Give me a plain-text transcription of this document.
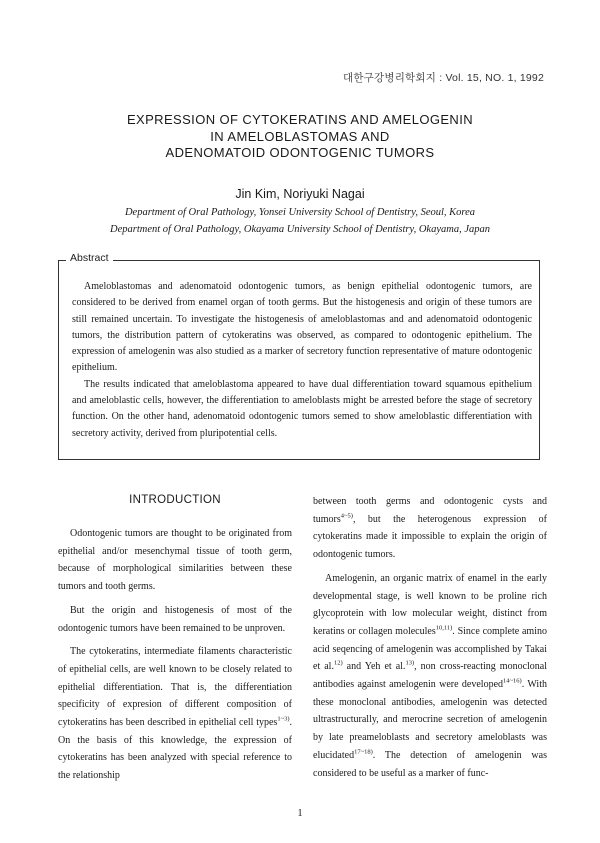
대한구강병리학회지 : Vol. 15, NO. 1, 1992
EXPRESSION OF CYTOKERATINS AND AMELOGENIN
IN AMELOBLASTOMAS AND
ADENOMATOID ODONTOGENIC TUMORS
Jin Kim, Noriyuki Nagai
Department of Oral Pathology, Yonsei University School of Dentistry, Seoul, Korea
Department of Oral Pathology, Okayama University School of Dentistry, Okayama, Japan
Abstract

Ameloblastomas and adenomatoid odontogenic tumors, as benign epithelial odontogenic tumors, are considered to be derived from enamel organ of tooth germs. But the histogenesis and origin of these tumors are still remained uncertain. To investigate the histogenesis of ameloblastomas and and adenomatoid odontogenic tumors, the distribution pattern of cytokeratins was observed, as compared to odontogenic epithelium. The expression of amelogenin was also studied as a marker of secretory function representative of mature odontogenic epithelium.

The results indicated that ameloblastoma appeared to have dual differentiation toward squamous epithelium and ameloblastic cells, however, the differentiation to ameloblasts might be arrested before the stage of secretory function. On the other hand, adenomatoid odontogenic tumors semed to show ameloblastic differentiation with secretory activity, derived from pluripotential cells.

INTRODUCTION

Odontogenic tumors are thought to be originated from epithelial and/or mesenchymal tissue of tooth germ, because of morphological similarities between these tumors and tooth germs.

But the origin and histogenesis of most of the odontogenic tumors have been remained to be unproven.

The cytokeratins, intermediate filaments characteristic of epithelial cells, are well known to be closely related to epithelial differentiation. That is, the differentiation specificity of expresion of different composition of cytokeratins has been described in epithelial cell types$^{1\sim 3)}$. On the basis of this knowledge, the expression of cytokeratins has been analyzed with special reference to the relationship

between tooth germs and odontogenic cysts and tumors$^{4\sim 5)}$, but the heterogenous expression of cytokeratins made it impossible to explain the origin of odontogenic tumors.

Amelogenin, an organic matrix of enamel in the early developmental stage, is well known to be proline rich glycoprotein with low molecular weight, distinct from keratins or collagen molecules$^{10,11)}$. Since complete amino acid seqencing of amelogenin was accomplished by Takai et al.$^{12)}$ and Yeh et al.$^{13)}$, non cross-reacting monoclonal antibodies against amelogenin were developed$^{14\sim 16)}$. With these monoclonal antibodies, amelogenin was detected ultrastructurally, and merocrine secretion of amelogenin by late preameloblasts and secretory ameloblasts was elucidated$^{17\sim 18)}$. The detection of amelogenin was considered to be useful as a marker of func-

1
